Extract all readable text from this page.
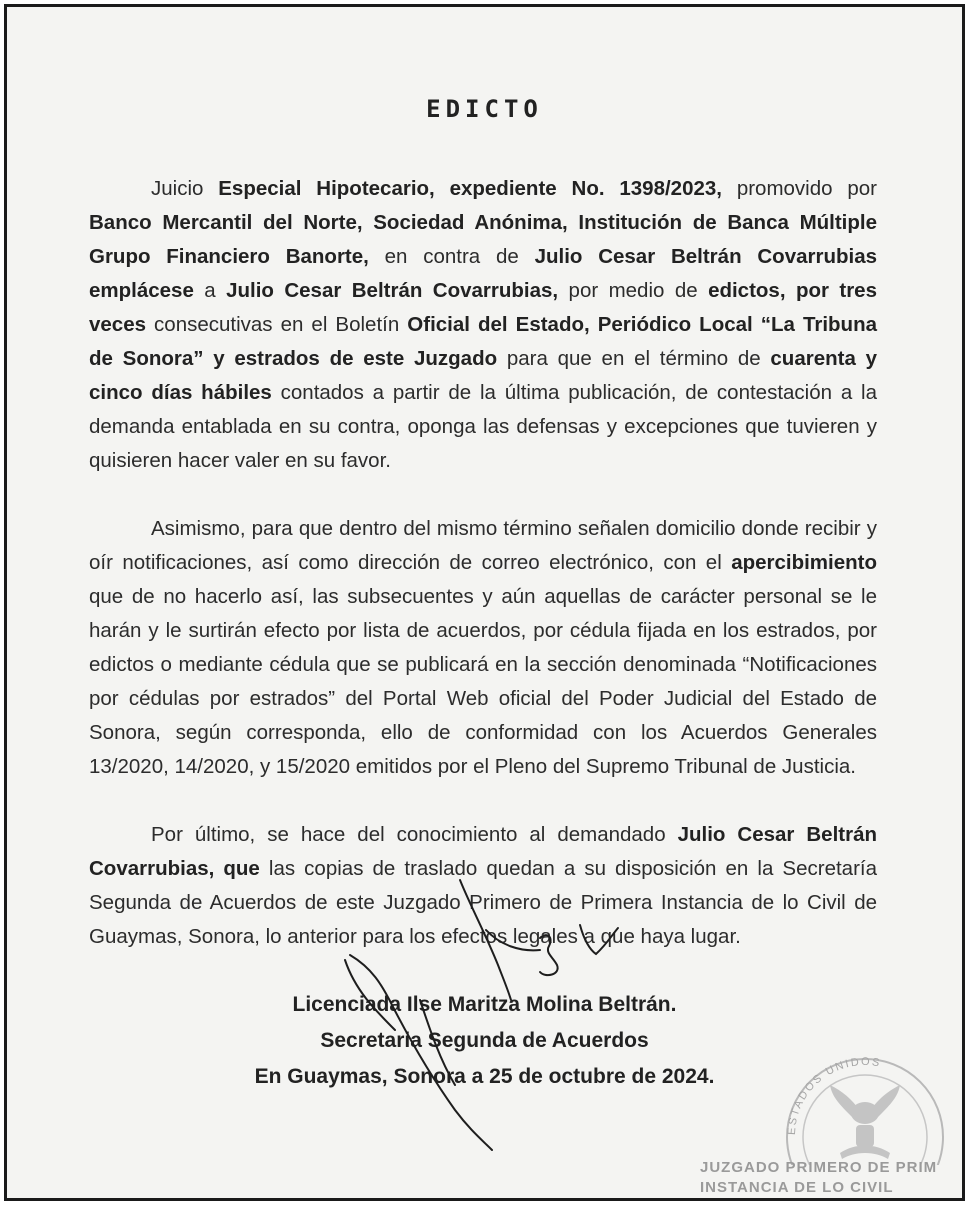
EDICTO

Juicio Especial Hipotecario, expediente No. 1398/2023, promovido por Banco Mercantil del Norte, Sociedad Anónima, Institución de Banca Múltiple Grupo Financiero Banorte, en contra de Julio Cesar Beltrán Covarrubias emplácese a Julio Cesar Beltrán Covarrubias, por medio de edictos, por tres veces consecutivas en el Boletín Oficial del Estado, Periódico Local “La Tribuna de Sonora” y estrados de este Juzgado para que en el término de cuarenta y cinco días hábiles contados a partir de la última publicación, de contestación a la demanda entablada en su contra, oponga las defensas y excepciones que tuvieren y quisieren hacer valer en su favor.

Asimismo, para que dentro del mismo término señalen domicilio donde recibir y oír notificaciones, así como dirección de correo electrónico, con el apercibimiento que de no hacerlo así, las subsecuentes y aún aquellas de carácter personal se le harán y le surtirán efecto por lista de acuerdos, por cédula fijada en los estrados, por edictos o mediante cédula que se publicará en la sección denominada “Notificaciones por cédulas por estrados” del Portal Web oficial del Poder Judicial del Estado de Sonora, según corresponda, ello de conformidad con los Acuerdos Generales 13/2020, 14/2020, y 15/2020 emitidos por el Pleno del Supremo Tribunal de Justicia.

Por último, se hace del conocimiento al demandado Julio Cesar Beltrán Covarrubias, que las copias de traslado quedan a su disposición en la Secretaría Segunda de Acuerdos de este Juzgado Primero de Primera Instancia de lo Civil de Guaymas, Sonora, lo anterior para los efectos legales a que haya lugar.

Licenciada Ilse Maritza Molina Beltrán.
Secretaria Segunda de Acuerdos
En Guaymas, Sonora a 25 de octubre de 2024.
ESTADOS UNIDOS
JUZGADO PRIMERO DE PRIM
INSTANCIA DE LO CIVIL
